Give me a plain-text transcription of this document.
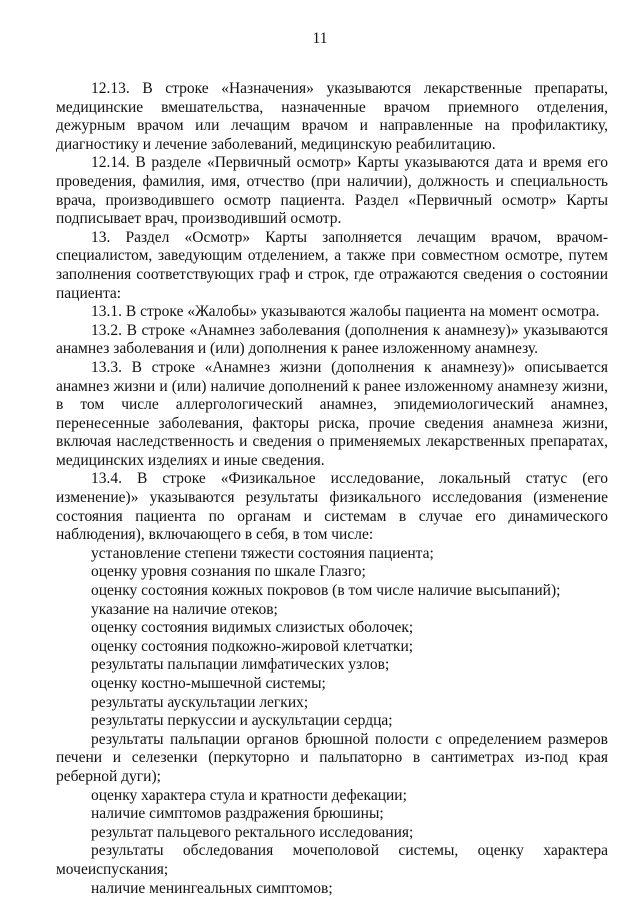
11

12.13. В строке «Назначения» указываются лекарственные препараты, медицинские вмешательства, назначенные врачом приемного отделения, дежурным врачом или лечащим врачом и направленные на профилактику, диагностику и лечение заболеваний, медицинскую реабилитацию.

12.14. В разделе «Первичный осмотр» Карты указываются дата и время его проведения, фамилия, имя, отчество (при наличии), должность и специальность врача, производившего осмотр пациента. Раздел «Первичный осмотр» Карты подписывает врач, производивший осмотр.

13. Раздел «Осмотр» Карты заполняется лечащим врачом, врачом-специалистом, заведующим отделением, а также при совместном осмотре, путем заполнения соответствующих граф и строк, где отражаются сведения о состоянии пациента:

13.1. В строке «Жалобы» указываются жалобы пациента на момент осмотра.

13.2. В строке «Анамнез заболевания (дополнения к анамнезу)» указываются анамнез заболевания и (или) дополнения к ранее изложенному анамнезу.

13.3. В строке «Анамнез жизни (дополнения к анамнезу)» описывается анамнез жизни и (или) наличие дополнений к ранее изложенному анамнезу жизни, в том числе аллергологический анамнез, эпидемиологический анамнез, перенесенные заболевания, факторы риска, прочие сведения анамнеза жизни, включая наследственность и сведения о применяемых лекарственных препаратах, медицинских изделиях и иные сведения.

13.4. В строке «Физикальное исследование, локальный статус (его изменение)» указываются результаты физикального исследования (изменение состояния пациента по органам и системам в случае его динамического наблюдения), включающего в себя, в том числе:

установление степени тяжести состояния пациента;

оценку уровня сознания по шкале Глазго;

оценку состояния кожных покровов (в том числе наличие высыпаний);

указание на наличие отеков;

оценку состояния видимых слизистых оболочек;

оценку состояния подкожно-жировой клетчатки;

результаты пальпации лимфатических узлов;

оценку костно-мышечной системы;

результаты аускультации легких;

результаты перкуссии и аускультации сердца;

результаты пальпации органов брюшной полости с определением размеров печени и селезенки (перкуторно и пальпаторно в сантиметрах из-под края реберной дуги);

оценку характера стула и кратности дефекации;

наличие симптомов раздражения брюшины;

результат пальцевого ректального исследования;

результаты обследования мочеполовой системы, оценку характера мочеиспускания;

наличие менингеальных симптомов;
